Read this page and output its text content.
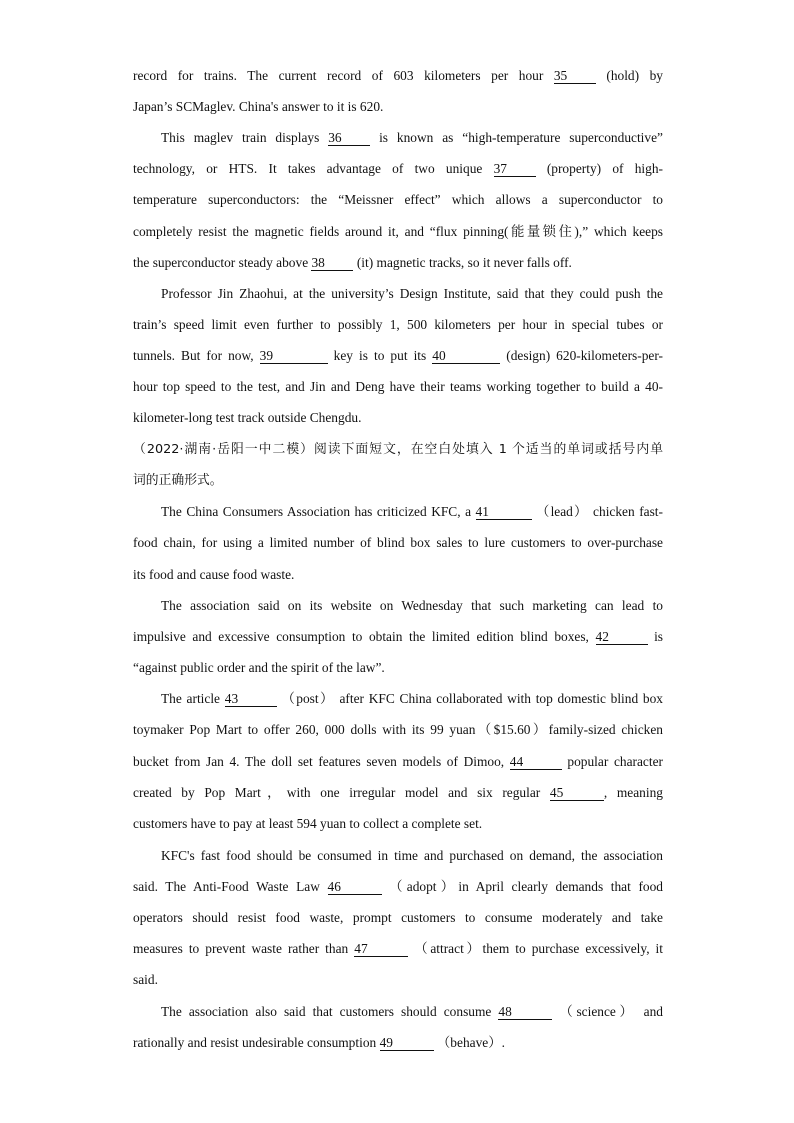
record for trains. The current record of 603 kilometers per hour 35 (hold) by
Japan’s SCMaglev. China's answer to it is 620.
This maglev train displays 36 is known as “high-temperature superconductive”
technology, or HTS. It takes advantage of two unique 37 (property) of high-
temperature superconductors: the “Meissner effect” which allows a superconductor to
completely resist the magnetic fields around it, and “flux pinning(能量锁住),” which keeps
the superconductor steady above 38 (it) magnetic tracks, so it never falls off.
Professor Jin Zhaohui, at the university’s Design Institute, said that they could push the
train’s speed limit even further to possibly 1, 500 kilometers per hour in special tubes or
tunnels. But for now, 39	key is to put its 40	(design) 620-kilometers-per-
hour top speed to the test, and Jin and Deng have their teams working together to build a 40-
kilometer-long test track outside Chengdu.
（2022·湖南·岳阳一中二模）阅读下面短文，在空白处填入 1 个适当的单词或括号内单
词的正确形式。
The China Consumers Association has criticized KFC, a 41	（lead） chicken fast-
food chain, for using a limited number of blind box sales to lure customers to over-purchase
its food and cause food waste.
The association said on its website on Wednesday that such marketing can lead to
impulsive and excessive consumption to obtain the limited edition blind boxes, 42	is
“against public order and the spirit of the law”.
The article 43	（post） after KFC China collaborated with top domestic blind box
toymaker Pop Mart to offer 260, 000 dolls with its 99 yuan（$15.60）family-sized chicken
bucket from Jan 4. The doll set features seven models of Dimoo, 44	popular character
created by Pop Mart，with one irregular model and six regular 45	, meaning
customers have to pay at least 594 yuan to collect a complete set.
KFC's fast food should be consumed in time and purchased on demand, the association
said. The Anti-Food Waste Law 46	（adopt）in April clearly demands that food
operators should resist food waste, prompt customers to consume moderately and take
measures to prevent waste rather than 47	（attract）them to purchase excessively, it
said.
The association also said that customers should consume 48	（science） and
rationally and resist undesirable consumption 49	（behave）.
